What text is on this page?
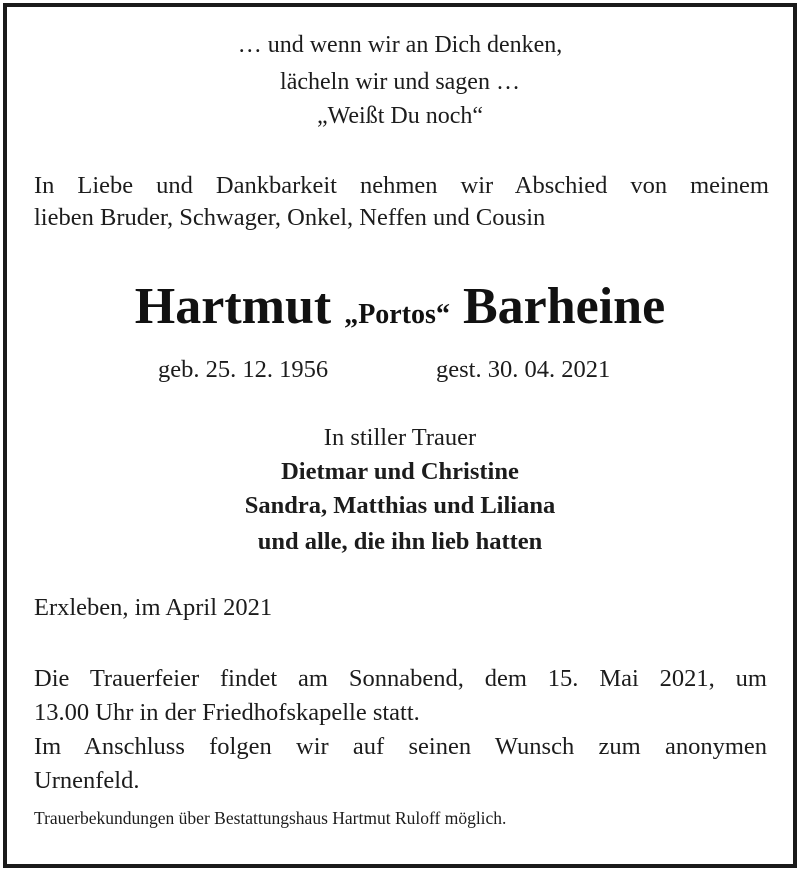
… und wenn wir an Dich denken,
lächeln wir und sagen …
„Weißt Du noch“
In Liebe und Dankbarkeit nehmen wir Abschied von meinem
lieben Bruder, Schwager, Onkel, Neffen und Cousin
Hartmut „Portos“ Barheine
geb. 25. 12. 1956	gest. 30. 04. 2021
In stiller Trauer
Dietmar und Christine
Sandra, Matthias und Liliana
und alle, die ihn lieb hatten
Erxleben, im April 2021
Die Trauerfeier findet am Sonnabend, dem 15. Mai 2021, um
13.00 Uhr in der Friedhofskapelle statt.
Im Anschluss folgen wir auf seinen Wunsch zum anonymen
Urnenfeld.
Trauerbekundungen über Bestattungshaus Hartmut Ruloff möglich.
